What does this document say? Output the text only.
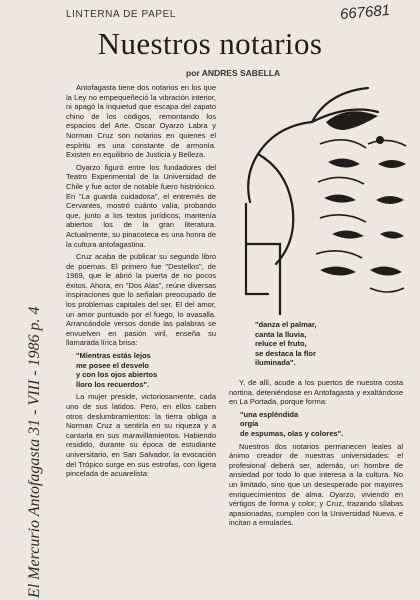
LINTERNA DE PAPEL	667681
Nuestros notarios
por ANDRES SABELLA

Antofagasta tiene dos notarios en los que la Ley no empequeñeció la vibración interior, ni apagó la inquietud que escapa del zapato chino de los códigos, remontando los espacios del Arte. Oscar Oyarzo Labra y Norman Cruz son notarios en quienes el espíritu es una constante de armonía. Existen en equilibrio de Justicia y Belleza.

Oyarzo figuró entre los fundadores del Teatro Experimental de la Universidad de Chile y fue actor de notable fuero histriónico. En "La guarda cuidadosa", el entremés de Cervantes, mostró cuánto valía, probando que, junto a los textos jurídicos, mantenía abiertos los de la gran literatura. Actualmente, su pinacoteca es una honra de la cultura antofagastina.

Cruz acaba de publicar su segundo libro de poemas. El primero fue "Destellos", de 1969, que le abrió la puerta de no pocos éxitos. Ahora, en "Dos Alas", reúne diversas inspiraciones que lo señalan preocupado de los problemas capitales del ser. El del amor, un amor puntuado por el fuego, lo avasalla. Arrancándole versos donde las palabras se envuelven en pasión viril, enseña su llamarada lírica brisa:

"Mientras estás lejos
me posee el desvelo
y con los ojos abiertos
lloro los recuerdos".

La mujer preside, victoriosamente, cada uno de sus latidos. Pero, en ellos caben otros deslumbramientos: la tierra obliga a Norman Cruz a sentirla en su riqueza y a cantarla en sus maravillamientos. Habiendo residido, durante su época de estudiante universitario, en San Salvador, la evocación del Trópico surge en sus estrofas, con ligera pincelada de acuarelista:

"danza el palmar,
canta la lluvia,
reluce el fruto,
se destaca la flor
iluminada".

Y, de allí, acude a los puertos de nuestra costa nortina, deteniéndose en Antofagasta y exaltándose en La Portada, porque forma:

"una espléndida
orgía
de espumas, olas y colores".

Nuestros dos notarios permanecen leales al ánimo creador de nuestras universidades: el profesional deberá ser, además, un hombre de ansiedad por todo lo que interesa a la cultura. No un limitado, sino que un desesperado por mayores enriquecimientos de alma. Oyarzo, viviendo en vértigos de forma y color; y Cruz, trazando sílabas apasionadas, cumplen con la Universidad Nueva, e incitan a emularles.

El Mercurio Antofagasta 31 - VIII - 1986 p. 4
